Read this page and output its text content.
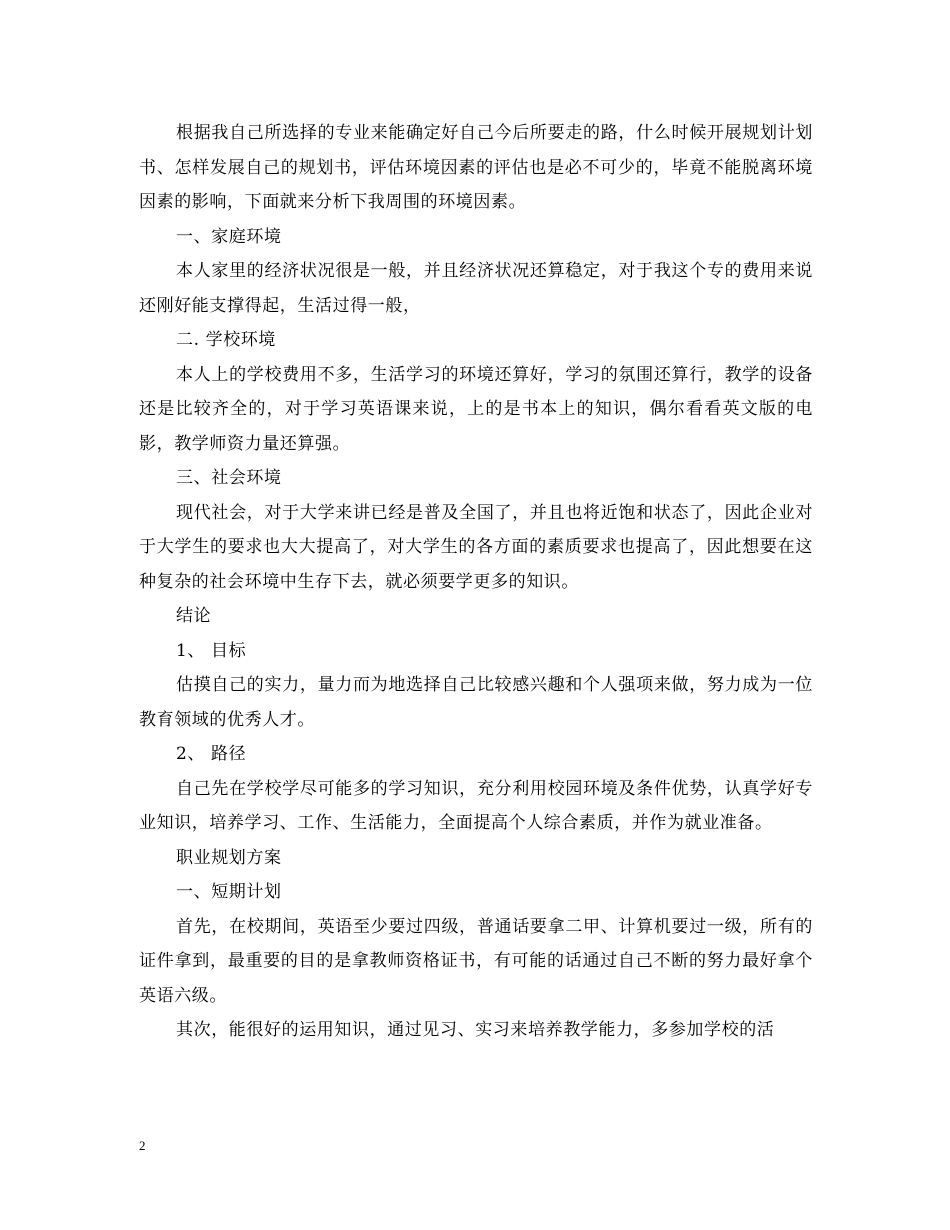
根据我自己所选择的专业来能确定好自己今后所要走的路，什么时候开展规划计划书、怎样发展自己的规划书，评估环境因素的评估也是必不可少的，毕竟不能脱离环境因素的影响，下面就来分析下我周围的环境因素。

一、家庭环境

本人家里的经济状况很是一般，并且经济状况还算稳定，对于我这个专的费用来说还刚好能支撑得起，生活过得一般，

二. 学校环境

本人上的学校费用不多，生活学习的环境还算好，学习的氛围还算行，教学的设备还是比较齐全的，对于学习英语课来说，上的是书本上的知识，偶尔看看英文版的电影，教学师资力量还算强。

三、社会环境

现代社会，对于大学来讲已经是普及全国了，并且也将近饱和状态了，因此企业对于大学生的要求也大大提高了，对大学生的各方面的素质要求也提高了，因此想要在这种复杂的社会环境中生存下去，就必须要学更多的知识。

结论

1、 目标

估摸自己的实力，量力而为地选择自己比较感兴趣和个人强项来做，努力成为一位教育领域的优秀人才。

2、 路径

自己先在学校学尽可能多的学习知识，充分利用校园环境及条件优势，认真学好专业知识，培养学习、工作、生活能力，全面提高个人综合素质，并作为就业准备。

职业规划方案

一、短期计划

首先，在校期间，英语至少要过四级，普通话要拿二甲、计算机要过一级，所有的证件拿到，最重要的目的是拿教师资格证书，有可能的话通过自己不断的努力最好拿个英语六级。

其次，能很好的运用知识，通过见习、实习来培养教学能力，多参加学校的活

2
